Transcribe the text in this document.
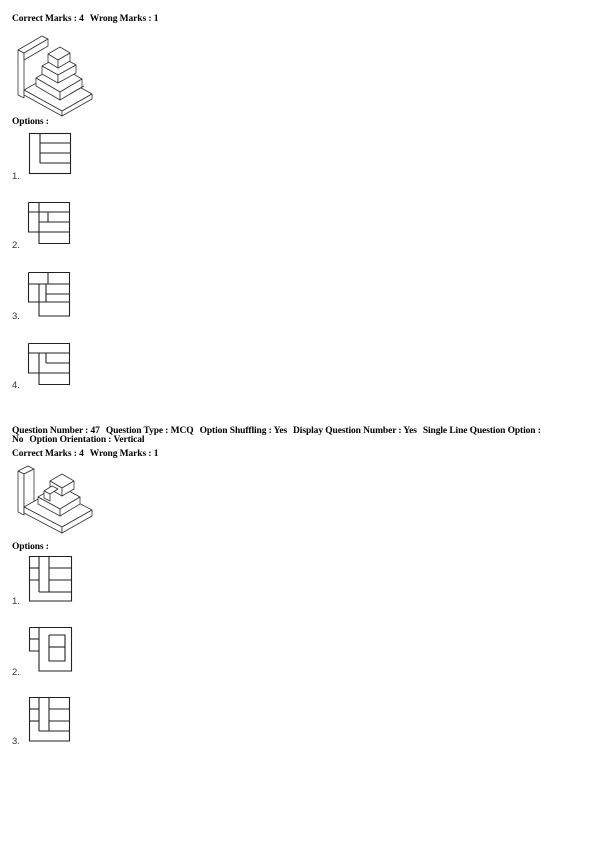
Correct Marks : 4 Wrong Marks : 1
Options :
1.
2.
3.
4.
Question Number : 47 Question Type : MCQ Option Shuffling : Yes Display Question Number : Yes Single Line Question Option :
No Option Orientation : Vertical
Correct Marks : 4 Wrong Marks : 1
Options :
1.
2.
3.
